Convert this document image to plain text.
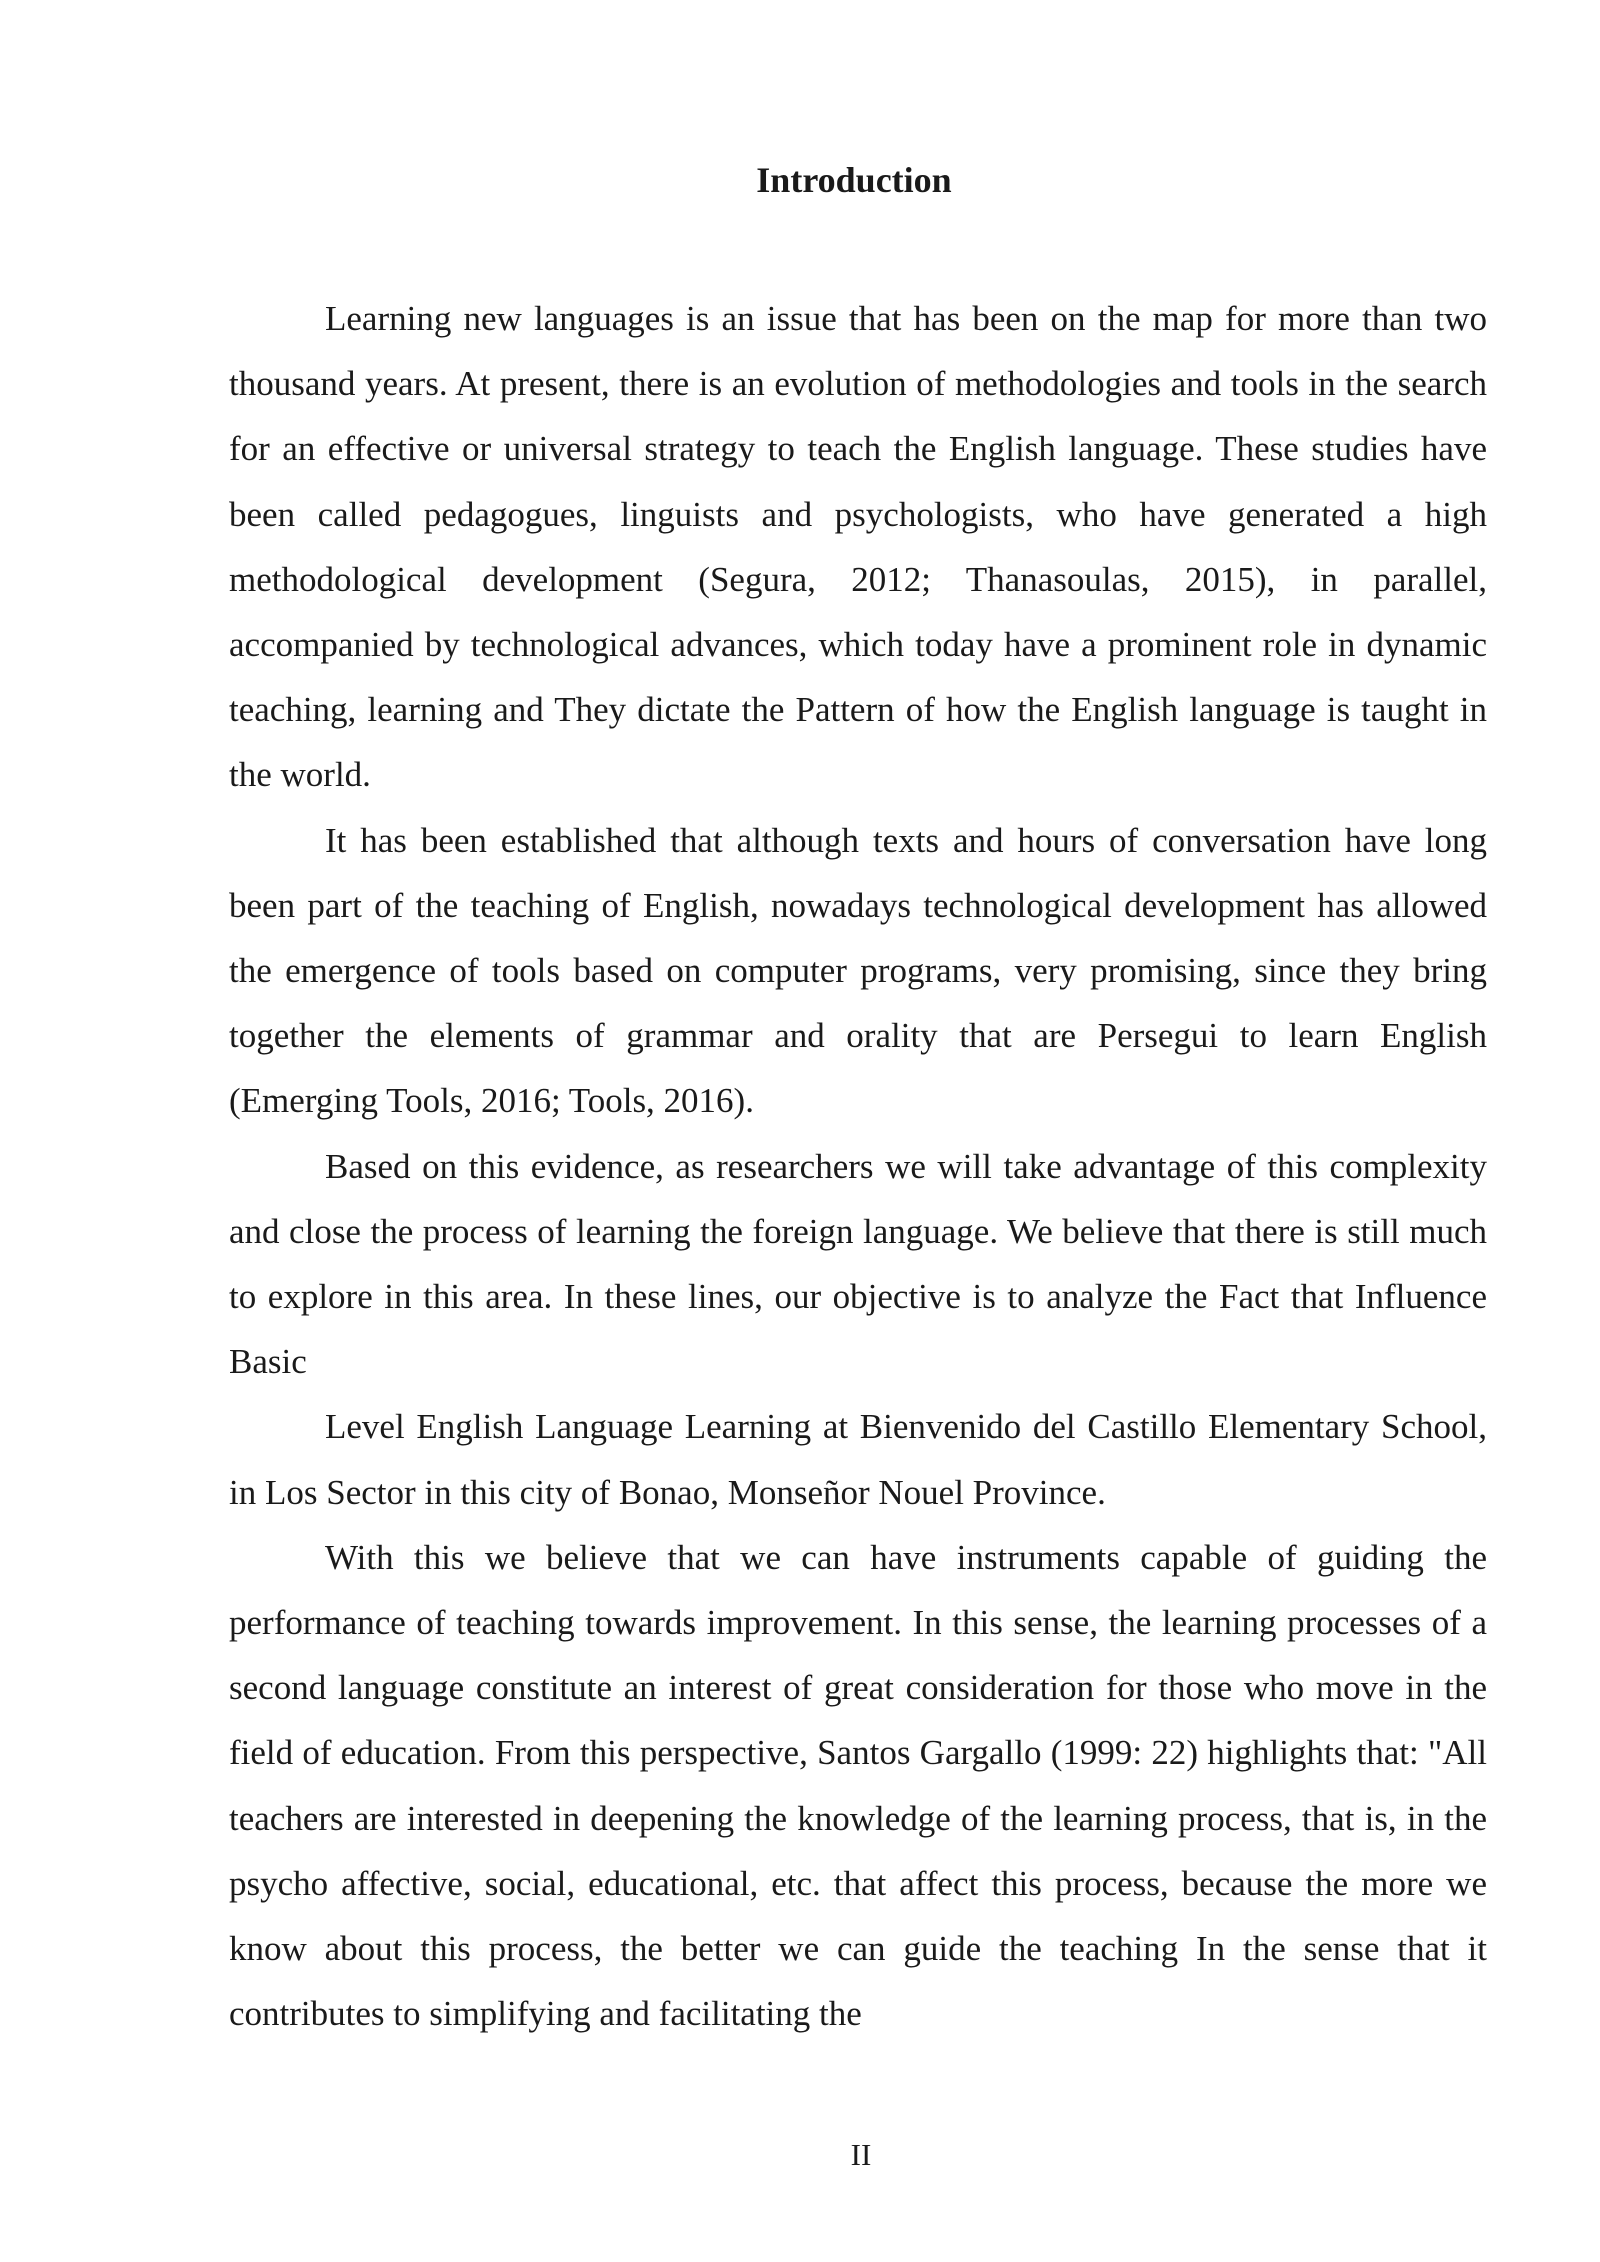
Introduction

Learning new languages is an issue that has been on the map for more than two thousand years. At present, there is an evolution of methodologies and tools in the search for an effective or universal strategy to teach the English language. These studies have been called pedagogues, linguists and psychologists, who have generated a high methodological development (Segura, 2012; Thanasoulas, 2015), in parallel, accompanied by technological advances, which today have a prominent role in dynamic teaching, learning and They dictate the Pattern of how the English language is taught in the world.

It has been established that although texts and hours of conversation have long been part of the teaching of English, nowadays technological development has allowed the emergence of tools based on computer programs, very promising, since they bring together the elements of grammar and orality that are Persegui to learn English (Emerging Tools, 2016; Tools, 2016).

Based on this evidence, as researchers we will take advantage of this complexity and close the process of learning the foreign language. We believe that there is still much to explore in this area. In these lines, our objective is to analyze the Fact that Influence Basic

Level English Language Learning at Bienvenido del Castillo Elementary School, in Los Sector in this city of Bonao, Monseñor Nouel Province.

With this we believe that we can have instruments capable of guiding the performance of teaching towards improvement. In this sense, the learning processes of a second language constitute an interest of great consideration for those who move in the field of education. From this perspective, Santos Gargallo (1999: 22) highlights that: "All teachers are interested in deepening the knowledge of the learning process, that is, in the psycho affective, social, educational, etc. that affect this process, because the more we know about this process, the better we can guide the teaching In the sense that it contributes to simplifying and facilitating the

II
